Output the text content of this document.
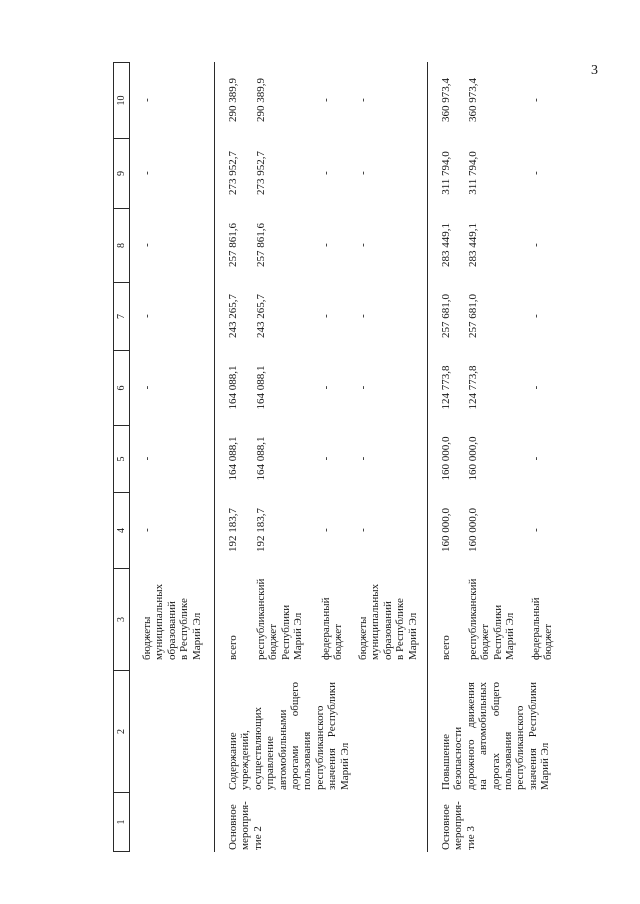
3
1
2
3
4
5
6
7
8
9
10
бюджеты муниципальных образований в Республике Марий Эл
-
-
-
-
-
-
-
Основное мероприя- тие 2
Содержание учреждений, осуществляющих управление автомобильными дорогами общего пользования республиканского значения Республики Марий Эл
всего
192 183,7
164 088,1
164 088,1
243 265,7
257 861,6
273 952,7
290 389,9
республиканский бюджет Республики Марий Эл
192 183,7
164 088,1
164 088,1
243 265,7
257 861,6
273 952,7
290 389,9
федеральный бюджет
-
-
-
-
-
-
-
бюджеты муниципальных образований в Республике Марий Эл
-
-
-
-
-
-
-
Основное мероприя- тие 3
Повышение безопасности дорожного движения на автомобильных дорогах общего пользования республиканского значения Республики Марий Эл
всего
160 000,0
160 000,0
124 773,8
257 681,0
283 449,1
311 794,0
360 973,4
республиканский бюджет Республики Марий Эл
160 000,0
160 000,0
124 773,8
257 681,0
283 449,1
311 794,0
360 973,4
федеральный бюджет
-
-
-
-
-
-
-
